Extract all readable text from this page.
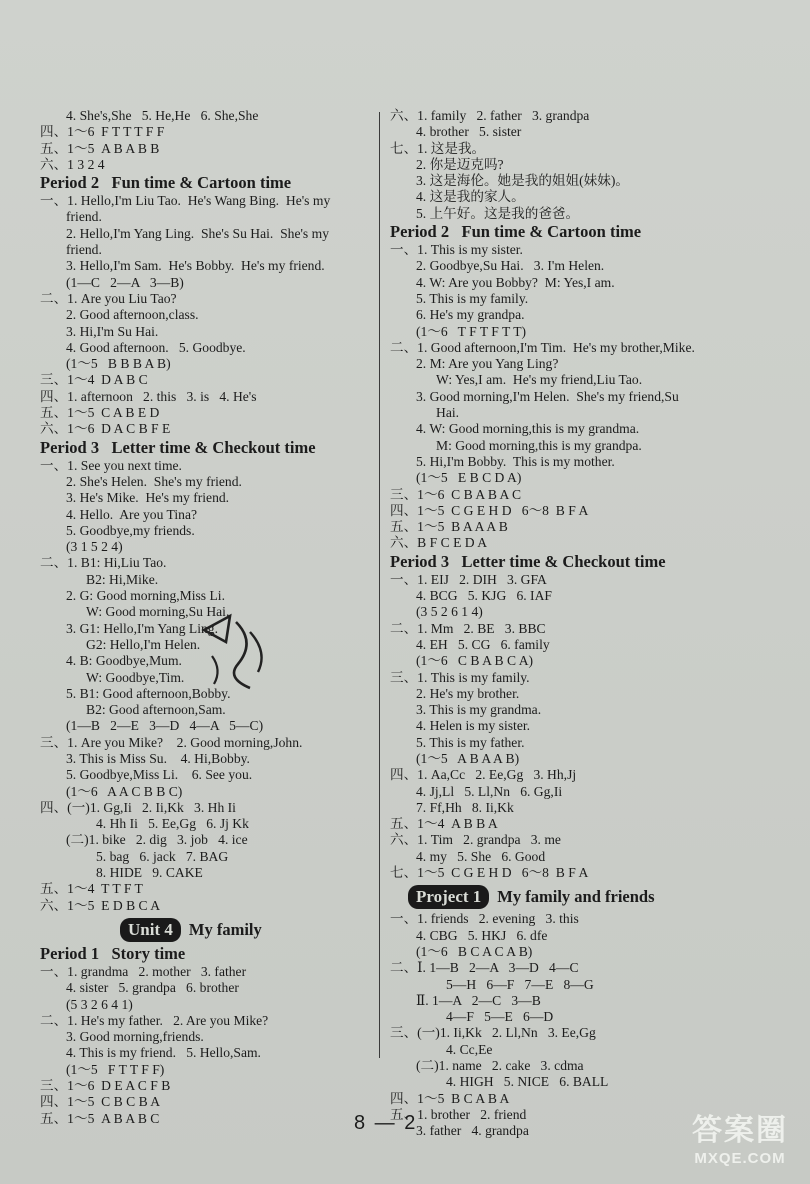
4. She's,She   5. He,He   6. She,She
四、1～6  F T T T F F
五、1～5  A B A B B
六、1 3 2 4
Period 2   Fun time & Cartoon time
一、1. Hello,I'm Liu Tao.  He's Wang Bing.  He's my
friend.
2. Hello,I'm Yang Ling.  She's Su Hai.  She's my
friend.
3. Hello,I'm Sam.  He's Bobby.  He's my friend.
(1—C   2—A   3—B)
二、1. Are you Liu Tao?
2. Good afternoon,class.
3. Hi,I'm Su Hai.
4. Good afternoon.   5. Goodbye.
(1～5   B B B A B)
三、1～4  D A B C
四、1. afternoon   2. this   3. is   4. He's
五、1～5  C A B E D
六、1～6  D A C B F E
Period 3   Letter time & Checkout time
一、1. See you next time.
2. She's Helen.  She's my friend.
3. He's Mike.  He's my friend.
4. Hello.  Are you Tina?
5. Goodbye,my friends.
(3 1 5 2 4)
二、1. B1: Hi,Liu Tao.
B2: Hi,Mike.
2. G: Good morning,Miss Li.
W: Good morning,Su Hai.
3. G1: Hello,I'm Yang Ling.
G2: Hello,I'm Helen.
4. B: Goodbye,Mum.
W: Goodbye,Tim.
5. B1: Good afternoon,Bobby.
B2: Good afternoon,Sam.
(1—B   2—E   3—D   4—A   5—C)
三、1. Are you Mike?    2. Good morning,John.
3. This is Miss Su.    4. Hi,Bobby.
5. Goodbye,Miss Li.    6. See you.
(1～6   A A C B B C)
四、(一)1. Gg,Ii   2. Ii,Kk   3. Hh Ii
4. Hh Ii   5. Ee,Gg   6. Jj Kk
(二)1. bike   2. dig   3. job   4. ice
5. bag   6. jack   7. BAG
8. HIDE   9. CAKE
五、1～4  T T F T
六、1～5  E D B C A
Unit 4 My family
Period 1   Story time
一、1. grandma   2. mother   3. father
4. sister   5. grandpa   6. brother
(5 3 2 6 4 1)
二、1. He's my father.   2. Are you Mike?
3. Good morning,friends.
4. This is my friend.   5. Hello,Sam.
(1～5   F T T F F)
三、1～6  D E A C F B
四、1～5  C B C B A
五、1～5  A B A B C
六、1. family   2. father   3. grandpa
4. brother   5. sister
七、1. 这是我。
2. 你是迈克吗?
3. 这是海伦。她是我的姐姐(妹妹)。
4. 这是我的家人。
5. 上午好。这是我的爸爸。
Period 2   Fun time & Cartoon time
一、1. This is my sister.
2. Goodbye,Su Hai.   3. I'm Helen.
4. W: Are you Bobby?  M: Yes,I am.
5. This is my family.
6. He's my grandpa.
(1～6   T F T F T T)
二、1. Good afternoon,I'm Tim.  He's my brother,Mike.
2. M: Are you Yang Ling?
W: Yes,I am.  He's my friend,Liu Tao.
3. Good morning,I'm Helen.  She's my friend,Su
Hai.
4. W: Good morning,this is my grandma.
M: Good morning,this is my grandpa.
5. Hi,I'm Bobby.  This is my mother.
(1～5   E B C D A)
三、1～6  C B A B A C
四、1～5  C G E H D   6～8  B F A
五、1～5  B A A A B
六、B F C E D A
Period 3   Letter time & Checkout time
一、1. EIJ   2. DIH   3. GFA
4. BCG   5. KJG   6. IAF
(3 5 2 6 1 4)
二、1. Mm   2. BE   3. BBC
4. EH   5. CG   6. family
(1～6   C B A B C A)
三、1. This is my family.
2. He's my brother.
3. This is my grandma.
4. Helen is my sister.
5. This is my father.
(1～5   A B A A B)
四、1. Aa,Cc   2. Ee,Gg   3. Hh,Jj
4. Jj,Ll   5. Ll,Nn   6. Gg,Ii
7. Ff,Hh   8. Ii,Kk
五、1～4  A B B A
六、1. Tim   2. grandpa   3. me
4. my   5. She   6. Good
七、1～5  C G E H D   6～8  B F A
Project 1 My family and friends
一、1. friends   2. evening   3. this
4. CBG   5. HKJ   6. dfe
(1～6   B C A C A B)
二、Ⅰ. 1—B   2—A   3—D   4—C
5—H   6—F   7—E   8—G
Ⅱ. 1—A   2—C   3—B
4—F   5—E   6—D
三、(一)1. Ii,Kk   2. Ll,Nn   3. Ee,Gg
4. Cc,Ee
(二)1. name   2. cake   3. cdma
4. HIGH   5. NICE   6. BALL
四、1～5  B C A B A
五、1. brother   2. friend
3. father   4. grandpa
8 — 2	答案圈
MXQE.COM
